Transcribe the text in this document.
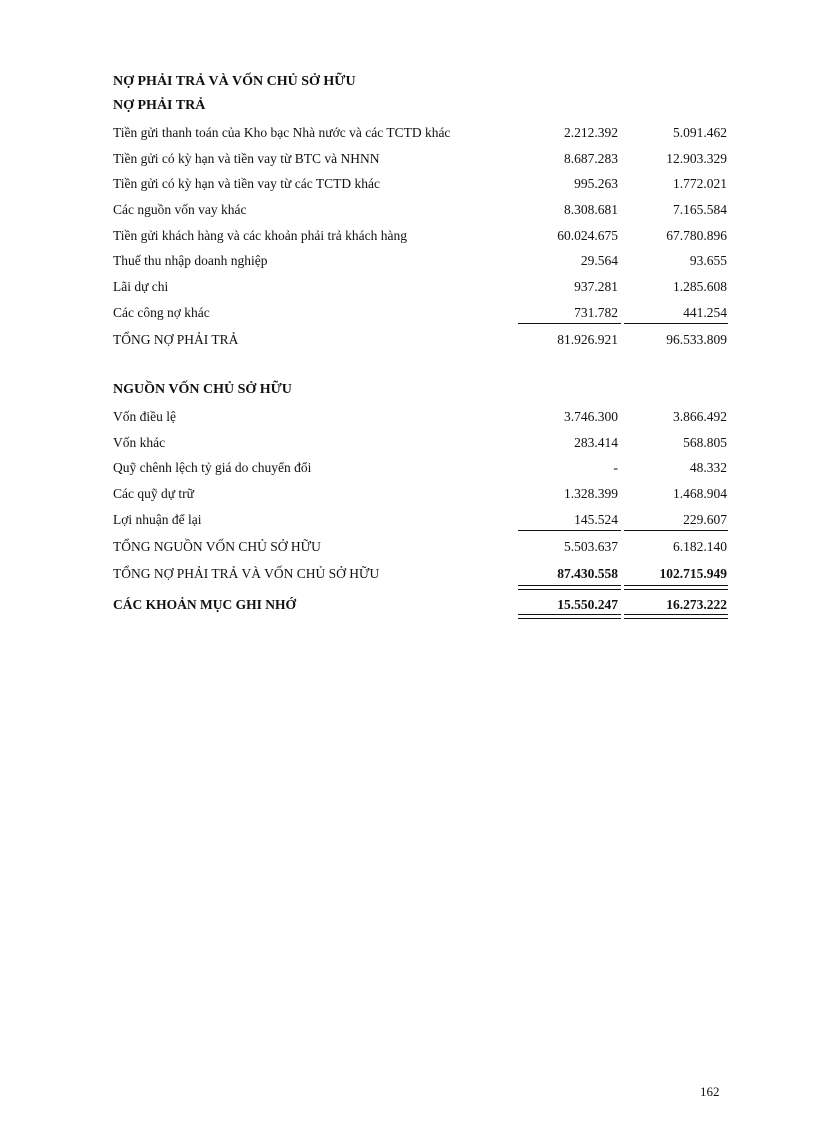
NỢ PHẢI TRẢ VÀ VỐN CHỦ SỞ HỮU
NỢ PHẢI TRẢ
Tiền gửi thanh toán của Kho bạc Nhà nước và các TCTD khác	2.212.392	5.091.462
Tiền gửi có kỳ hạn và tiền vay từ BTC và NHNN	8.687.283	12.903.329
Tiền gửi có kỳ hạn và tiền vay từ các TCTD khác	995.263	1.772.021
Các nguồn vốn vay khác	8.308.681	7.165.584
Tiền gửi khách hàng và các khoản phải trả khách hàng	60.024.675	67.780.896
Thuế thu nhập doanh nghiệp	29.564	93.655
Lãi dự chi	937.281	1.285.608
Các công nợ khác	731.782	441.254
TỔNG NỢ PHẢI TRẢ	81.926.921	96.533.809
NGUỒN VỐN CHỦ SỞ HỮU
Vốn điều lệ	3.746.300	3.866.492
Vốn khác	283.414	568.805
Quỹ chênh lệch tỷ giá do chuyển đổi	-	48.332
Các quỹ dự trữ	1.328.399	1.468.904
Lợi nhuận để lại	145.524	229.607
TỔNG NGUỒN VỐN CHỦ SỞ HỮU	5.503.637	6.182.140
TỔNG NỢ PHẢI TRẢ VÀ VỐN CHỦ SỞ HỮU	87.430.558	102.715.949
CÁC KHOẢN MỤC GHI NHỚ	15.550.247	16.273.222
162
